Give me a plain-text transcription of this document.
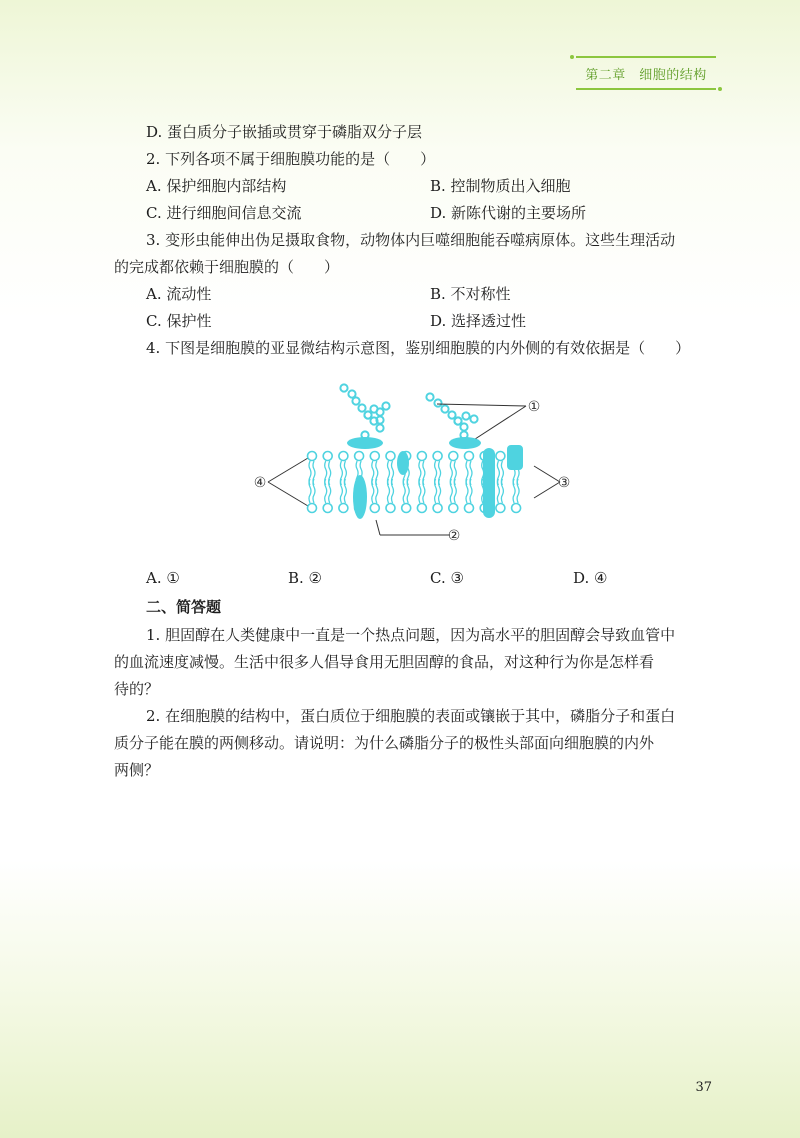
第二章　细胞的结构
D. 蛋白质分子嵌插或贯穿于磷脂双分子层
2. 下列各项不属于细胞膜功能的是（　　）
A. 保护细胞内部结构	B. 控制物质出入细胞
C. 进行细胞间信息交流	D. 新陈代谢的主要场所
3. 变形虫能伸出伪足摄取食物，动物体内巨噬细胞能吞噬病原体。这些生理活动
的完成都依赖于细胞膜的（　　）
A. 流动性	B. 不对称性
C. 保护性	D. 选择透过性
4. 下图是细胞膜的亚显微结构示意图，鉴别细胞膜的内外侧的有效依据是（　　）
①
②
③
④
A. ①	B. ②	C. ③	D. ④
二、简答题
1. 胆固醇在人类健康中一直是一个热点问题，因为高水平的胆固醇会导致血管中
的血流速度减慢。生活中很多人倡导食用无胆固醇的食品，对这种行为你是怎样看
待的？
2. 在细胞膜的结构中，蛋白质位于细胞膜的表面或镶嵌于其中，磷脂分子和蛋白
质分子能在膜的两侧移动。请说明：为什么磷脂分子的极性头部面向细胞膜的内外
两侧？
37
